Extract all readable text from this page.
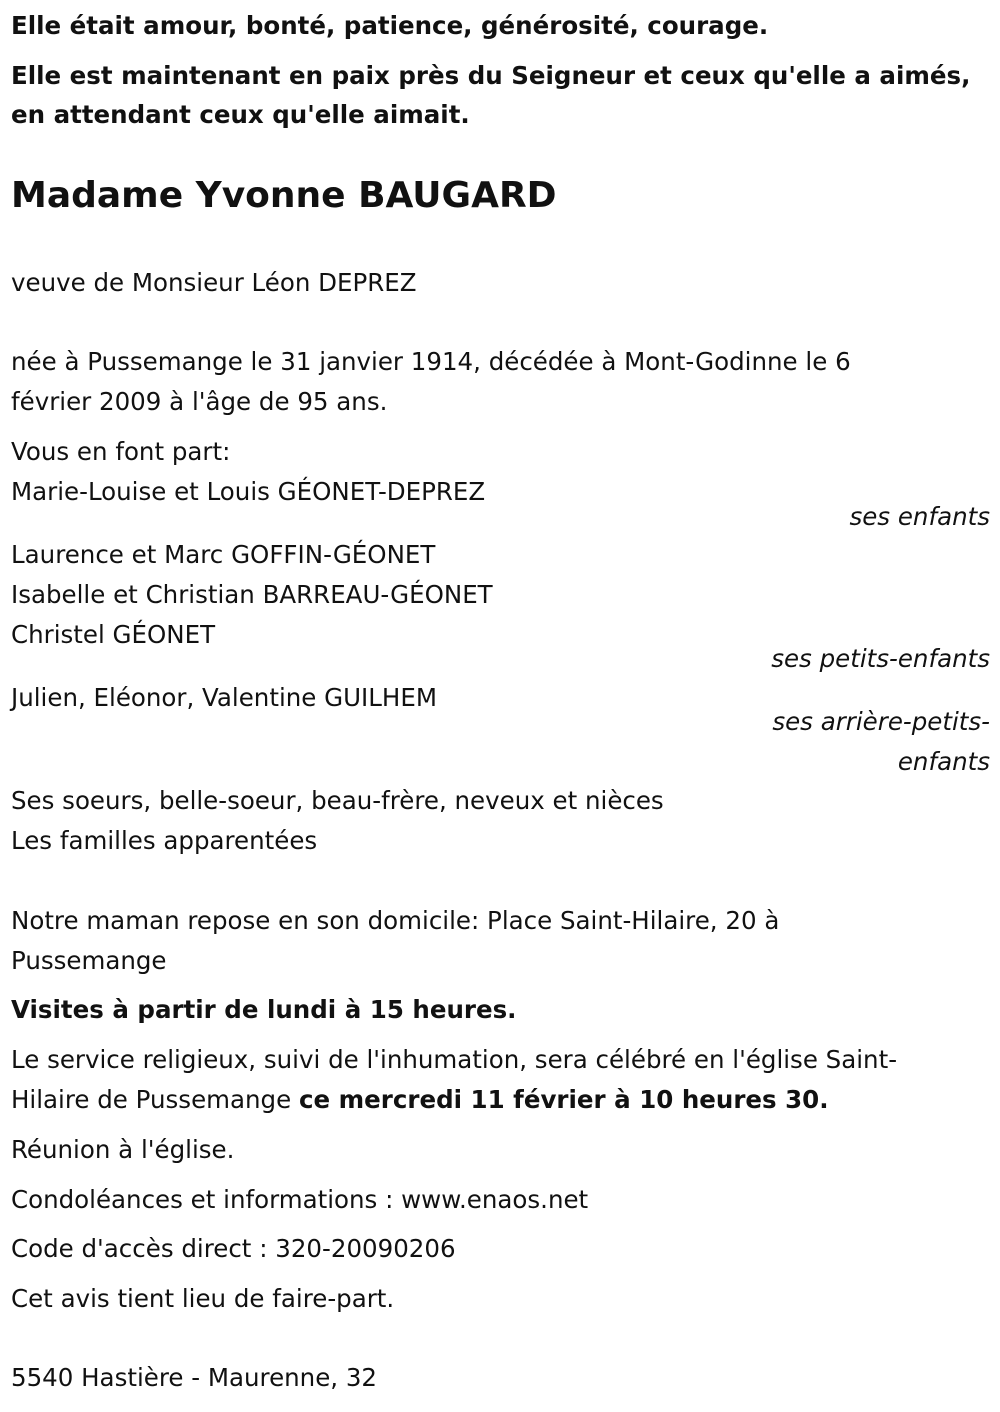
Elle était amour, bonté, patience, générosité, courage.

Elle est maintenant en paix près du Seigneur et ceux qu'elle a aimés,

en attendant ceux qu'elle aimait.

Madame Yvonne BAUGARD

veuve de Monsieur Léon DEPREZ

née à Pussemange le 31 janvier 1914, décédée à Mont-Godinne le 6

février 2009 à l'âge de 95 ans.

Vous en font part:

Marie-Louise et Louis GÉONET-DEPREZ

ses enfants

Laurence et Marc GOFFIN-GÉONET

Isabelle et Christian BARREAU-GÉONET

Christel GÉONET

ses petits-enfants

Julien, Eléonor, Valentine GUILHEM

ses arrière-petits-
enfants

Ses soeurs, belle-soeur, beau-frère, neveux et nièces

Les familles apparentées

Notre maman repose en son domicile: Place Saint-Hilaire, 20 à

Pussemange

Visites à partir de lundi à 15 heures.

Le service religieux, suivi de l'inhumation, sera célébré en l'église Saint-

Hilaire de Pussemange ce mercredi 11 février à 10 heures 30.

Réunion à l'église.

Condoléances et informations : www.enaos.net

Code d'accès direct : 320-20090206

Cet avis tient lieu de faire-part.

5540 Hastière - Maurenne, 32
